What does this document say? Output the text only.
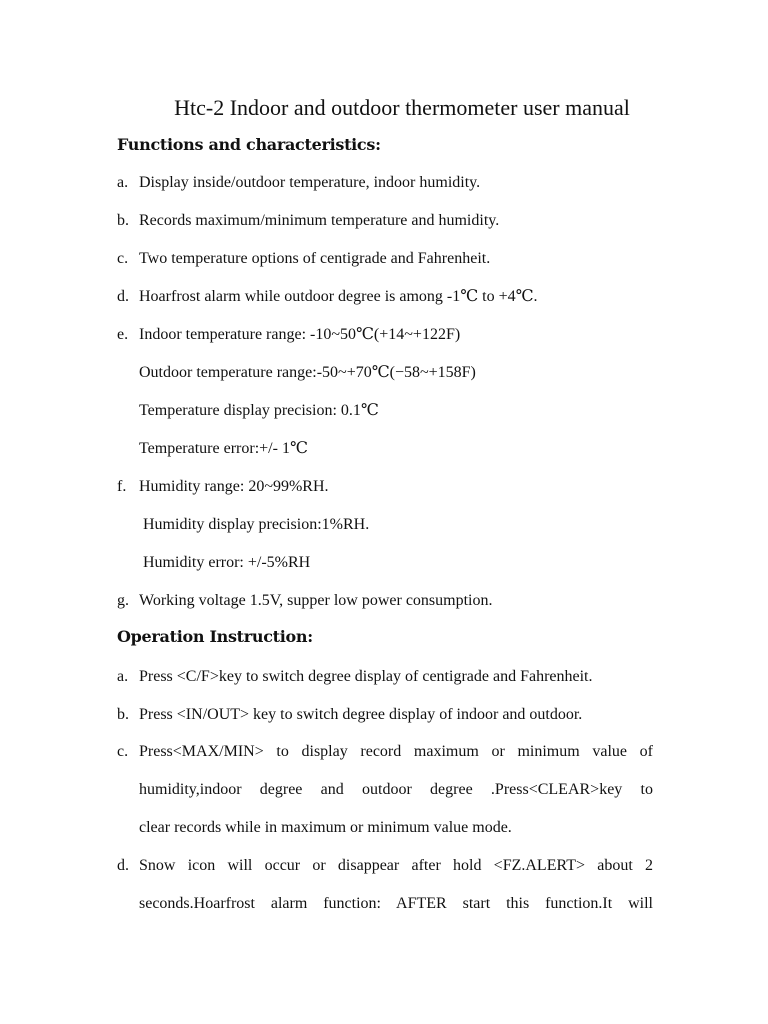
Htc-2 Indoor and outdoor thermometer user manual
Functions and characteristics:
a. Display inside/outdoor temperature, indoor humidity.
b. Records maximum/minimum temperature and humidity.
c. Two temperature options of centigrade and Fahrenheit.
d. Hoarfrost alarm while outdoor degree is among -1℃ to +4℃.
e. Indoor temperature range: -10~50℃(+14~+122F)
Outdoor temperature range:-50~+70℃(−58~+158F)
Temperature display precision: 0.1℃
Temperature error:+/- 1℃
f. Humidity range: 20~99%RH.
Humidity display precision:1%RH.
Humidity error: +/-5%RH
g. Working voltage 1.5V, supper low power consumption.
Operation Instruction:
a. Press <C/F>key to switch degree display of centigrade and Fahrenheit.
b. Press <IN/OUT> key to switch degree display of indoor and outdoor.
c. Press<MAX/MIN> to display record maximum or minimum value of
humidity,indoor degree and outdoor degree .Press<CLEAR>key to
clear records while in maximum or minimum value mode.
d. Snow icon will occur or disappear after hold <FZ.ALERT> about 2
seconds.Hoarfrost alarm function: AFTER start this function.It will
